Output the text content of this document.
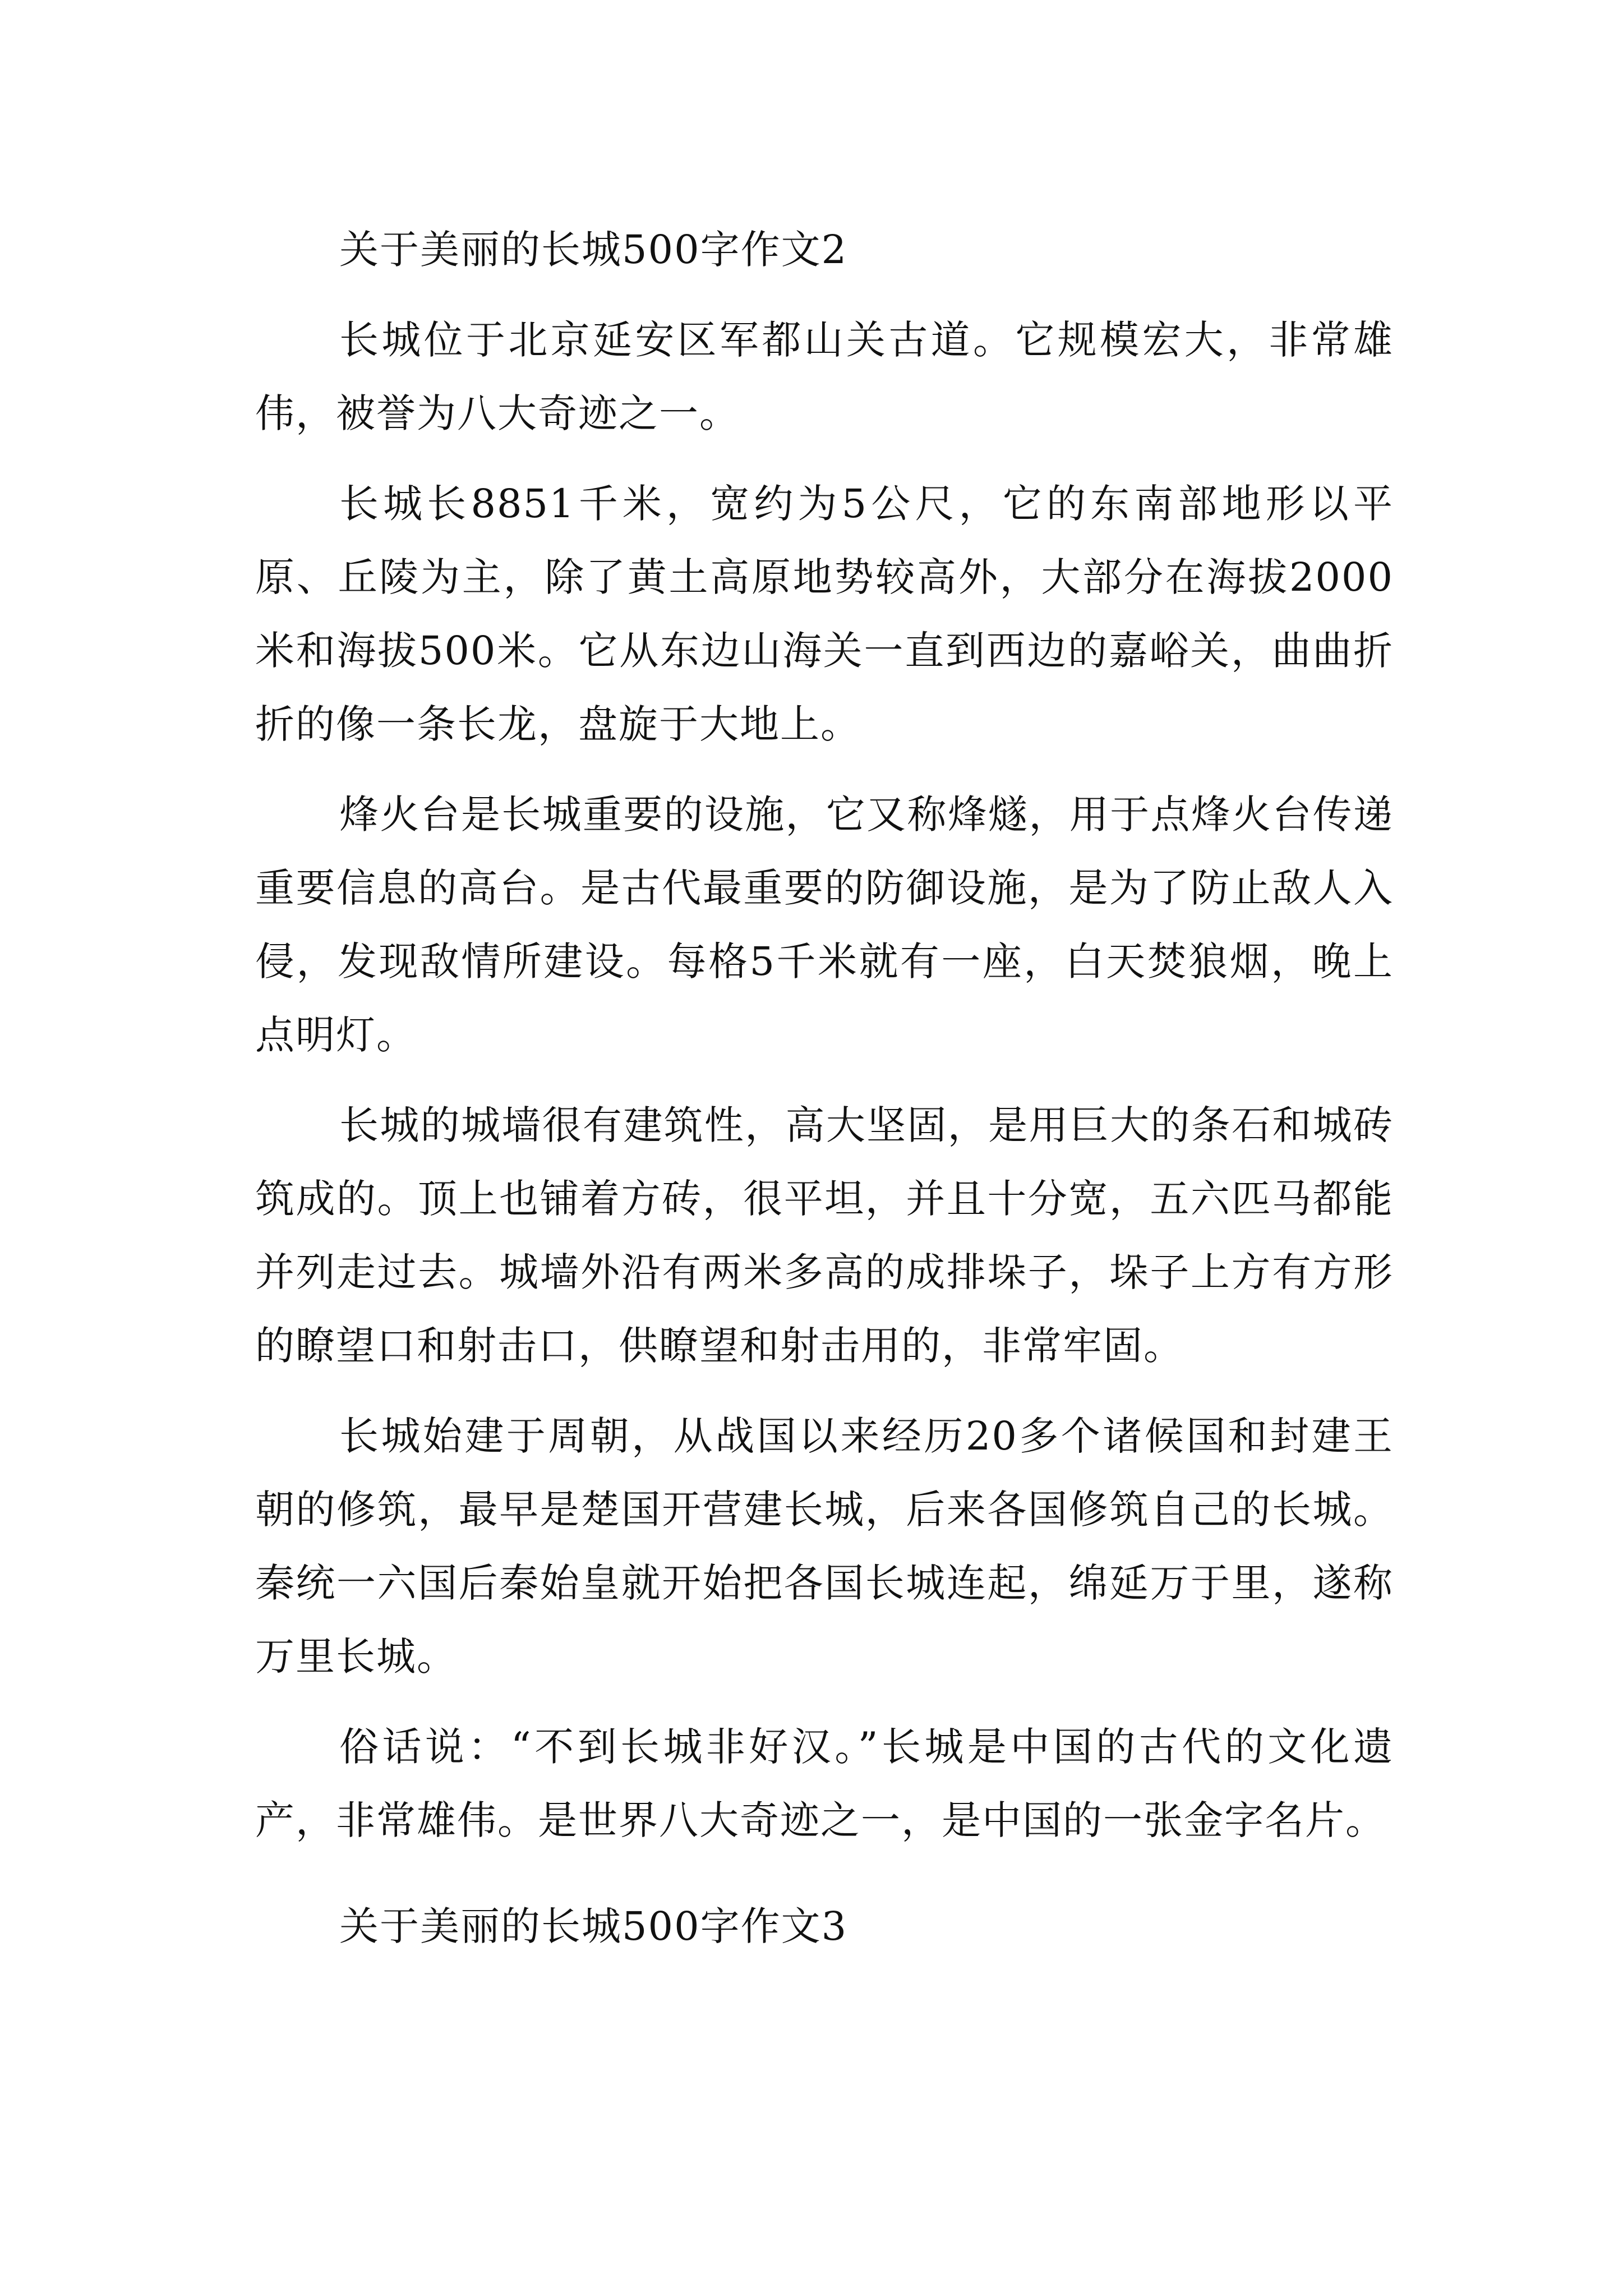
关于美丽的长城500字作文2

长城位于北京延安区军都山关古道。它规模宏大，非常雄伟，被誉为八大奇迹之一。

长城长8851千米，宽约为5公尺，它的东南部地形以平原、丘陵为主，除了黄土高原地势较高外，大部分在海拔2000米和海拔500米。它从东边山海关一直到西边的嘉峪关，曲曲折折的像一条长龙，盘旋于大地上。

烽火台是长城重要的设施，它又称烽燧，用于点烽火台传递重要信息的高台。是古代最重要的防御设施，是为了防止敌人入侵，发现敌情所建设。每格5千米就有一座，白天焚狼烟，晚上点明灯。

长城的城墙很有建筑性，高大坚固，是用巨大的条石和城砖筑成的。顶上也铺着方砖，很平坦，并且十分宽，五六匹马都能并列走过去。城墙外沿有两米多高的成排垛子，垛子上方有方形的瞭望口和射击口，供瞭望和射击用的，非常牢固。

长城始建于周朝，从战国以来经历20多个诸候国和封建王朝的修筑，最早是楚国开营建长城，后来各国修筑自己的长城。秦统一六国后秦始皇就开始把各国长城连起，绵延万于里，遂称万里长城。

俗话说：“不到长城非好汉。”长城是中国的古代的文化遗产，非常雄伟。是世界八大奇迹之一，是中国的一张金字名片。

关于美丽的长城500字作文3
